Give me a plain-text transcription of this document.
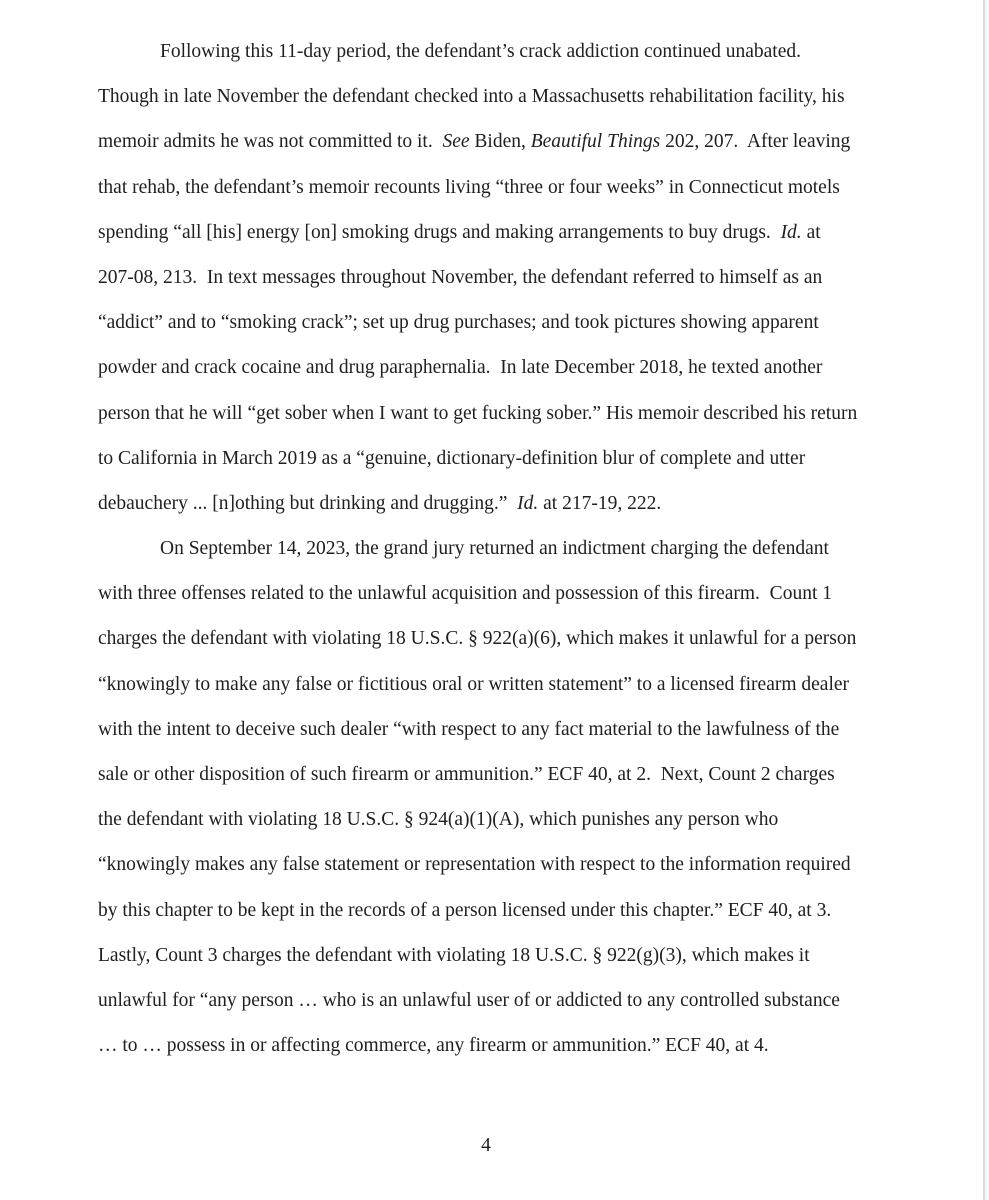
Following this 11-day period, the defendant’s crack addiction continued unabated.
Though in late November the defendant checked into a Massachusetts rehabilitation facility, his
memoir admits he was not committed to it.  See Biden, Beautiful Things 202, 207.  After leaving
that rehab, the defendant’s memoir recounts living “three or four weeks” in Connecticut motels
spending “all [his] energy [on] smoking drugs and making arrangements to buy drugs.  Id. at
207-08, 213.  In text messages throughout November, the defendant referred to himself as an
“addict” and to “smoking crack”; set up drug purchases; and took pictures showing apparent
powder and crack cocaine and drug paraphernalia.  In late December 2018, he texted another
person that he will “get sober when I want to get fucking sober.” His memoir described his return
to California in March 2019 as a “genuine, dictionary-definition blur of complete and utter
debauchery ... [n]othing but drinking and drugging.”  Id. at 217-19, 222.

On September 14, 2023, the grand jury returned an indictment charging the defendant
with three offenses related to the unlawful acquisition and possession of this firearm.  Count 1
charges the defendant with violating 18 U.S.C. § 922(a)(6), which makes it unlawful for a person
“knowingly to make any false or fictitious oral or written statement” to a licensed firearm dealer
with the intent to deceive such dealer “with respect to any fact material to the lawfulness of the
sale or other disposition of such firearm or ammunition.” ECF 40, at 2.  Next, Count 2 charges
the defendant with violating 18 U.S.C. § 924(a)(1)(A), which punishes any person who
“knowingly makes any false statement or representation with respect to the information required
by this chapter to be kept in the records of a person licensed under this chapter.” ECF 40, at 3.
Lastly, Count 3 charges the defendant with violating 18 U.S.C. § 922(g)(3), which makes it
unlawful for “any person … who is an unlawful user of or addicted to any controlled substance
… to … possess in or affecting commerce, any firearm or ammunition.” ECF 40, at 4.

4
